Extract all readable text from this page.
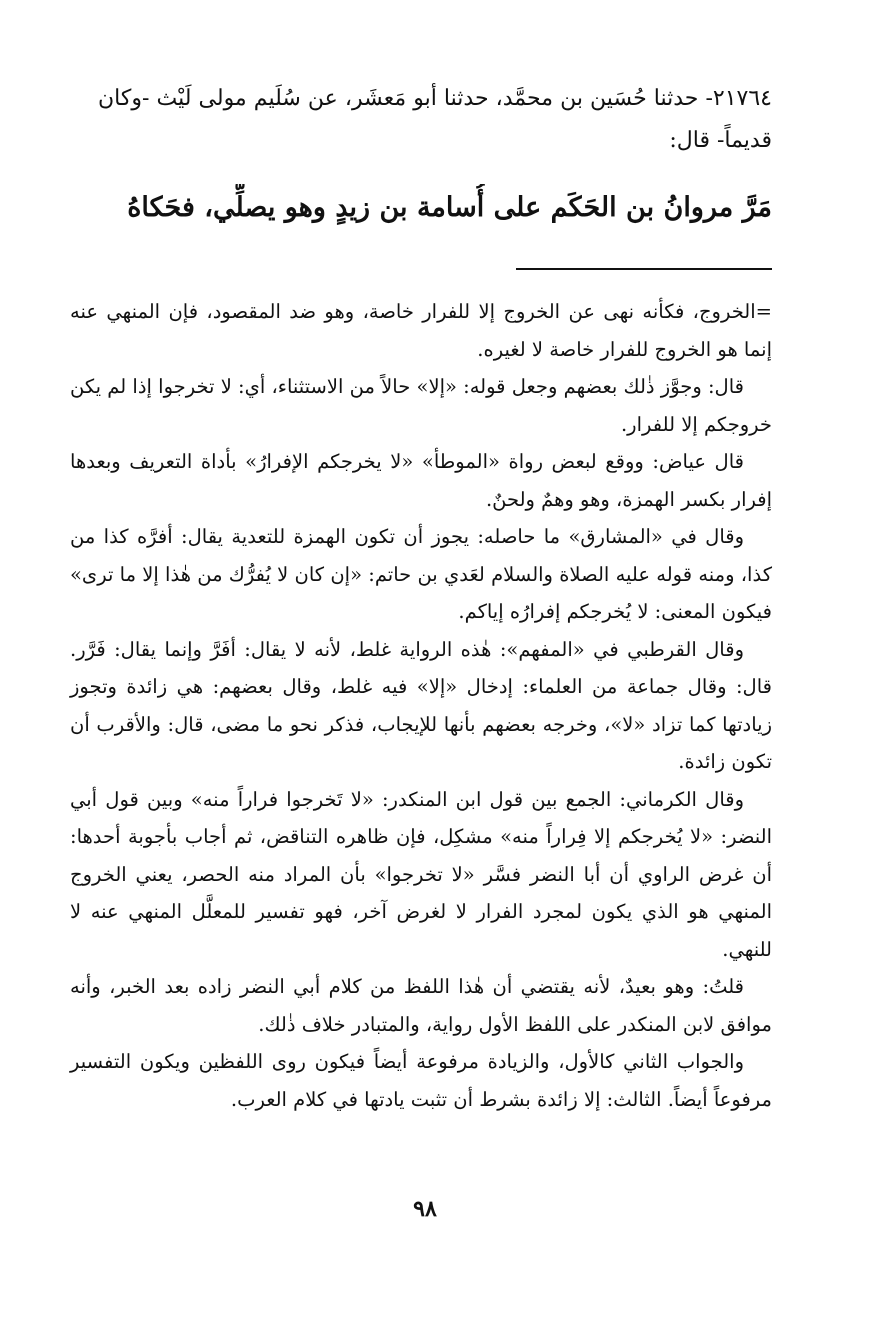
٢١٧٦٤- حدثنا حُسَين بن محمَّد، حدثنا أبو مَعشَر، عن سُلَيم مولى لَيْث -وكان قديماً- قال:

مَرَّ مروانُ بن الحَكَم على أُسامة بن زيدٍ وهو يصلِّي، فحَكاهُ

=الخروج، فكأنه نهى عن الخروج إلا للفرار خاصة، وهو ضد المقصود، فإن المنهي عنه إنما هو الخروج للفرار خاصة لا لغيره.

قال: وجوَّز ذٰلك بعضهم وجعل قوله: «إلا» حالاً من الاستثناء، أي: لا تخرجوا إذا لم يكن خروجكم إلا للفرار.

قال عياض: ووقع لبعض رواة «الموطأ» «لا يخرجكم الإفرارُ» بأداة التعريف وبعدها إفرار بكسر الهمزة، وهو وهمٌ ولحنٌ.

وقال في «المشارق» ما حاصله: يجوز أن تكون الهمزة للتعدية يقال: أفرَّه كذا من كذا، ومنه قوله عليه الصلاة والسلام لعَدي بن حاتم: «إن كان لا يُفرُّك من هٰذا إلا ما ترى» فيكون المعنى: لا يُخرجكم إفرارُه إياكم.

وقال القرطبي في «المفهم»: هٰذه الرواية غلط، لأنه لا يقال: أفَرَّ وإنما يقال: فَرَّر. قال: وقال جماعة من العلماء: إدخال «إلا» فيه غلط، وقال بعضهم: هي زائدة وتجوز زيادتها كما تزاد «لا»، وخرجه بعضهم بأنها للإيجاب، فذكر نحو ما مضى، قال: والأقرب أن تكون زائدة.

وقال الكرماني: الجمع بين قول ابن المنكدر: «لا تَخرجوا فراراً منه» وبين قول أبي النضر: «لا يُخرجكم إلا فِراراً منه» مشكِل، فإن ظاهره التناقض، ثم أجاب بأجوبة أحدها: أن غرض الراوي أن أبا النضر فسَّر «لا تخرجوا» بأن المراد منه الحصر، يعني الخروج المنهي هو الذي يكون لمجرد الفرار لا لغرض آخر، فهو تفسير للمعلَّل المنهي عنه لا للنهي.

قلتُ: وهو بعيدٌ، لأنه يقتضي أن هٰذا اللفظ من كلام أبي النضر زاده بعد الخبر، وأنه موافق لابن المنكدر على اللفظ الأول رواية، والمتبادر خلاف ذٰلك.

والجواب الثاني كالأول، والزيادة مرفوعة أيضاً فيكون روى اللفظين ويكون التفسير مرفوعاً أيضاً. الثالث: إلا زائدة بشرط أن تثبت يادتها في كلام العرب.

٩٨
